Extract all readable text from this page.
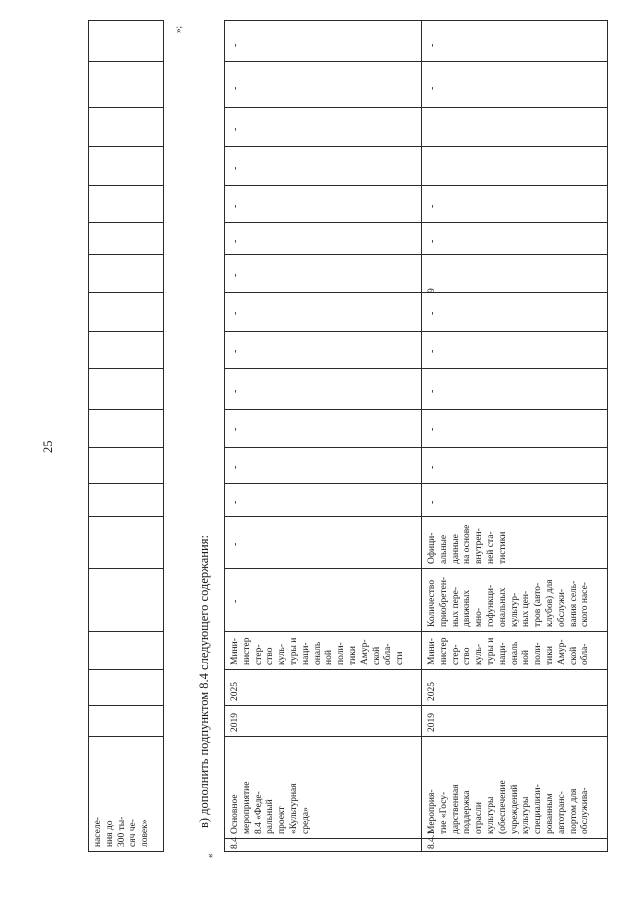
25
в) дополнить подпунктом 8.4 следующего содержания:
«
»;
населе-
ния до
300 ты-
сяч че-
ловек»	8.4
Основное
мероприятие
8.4 «Феде-
ральный
проект
«Культурная
среда»
2019
2025
Мини-
нистер
стер-
ство
куль-
туры и
наци-
ональ
ной
поли-
тики
Амур-
ской
обла-
сти
-
-
-
-
-
-
-
-
-
-
-
-
-
-
-
8.4.1
Мероприя-
тие «Госу-
дарственная
поддержка
отрасли
культуры
(обеспечение
учреждений
культуры
специализи-
рованным
автотранс-
портом для
обслужива-
2019
2025
Мини-
нистер
стер-
ство
куль-
туры и
наци-
ональ
ной
поли-
тики
Амур-
ской
обла-
Количество
приобретен-
ных пере-
движных
мно-
гофункци-
ональных
культур-
ных цен-
тров (авто-
клубов) для
обслужи-
вания сель-
ского насе-
Офици-
альные
данные
на основе
внутрен-
ней ста-
тистики
-
-
-
-
-
-
9
-
-
-
-
